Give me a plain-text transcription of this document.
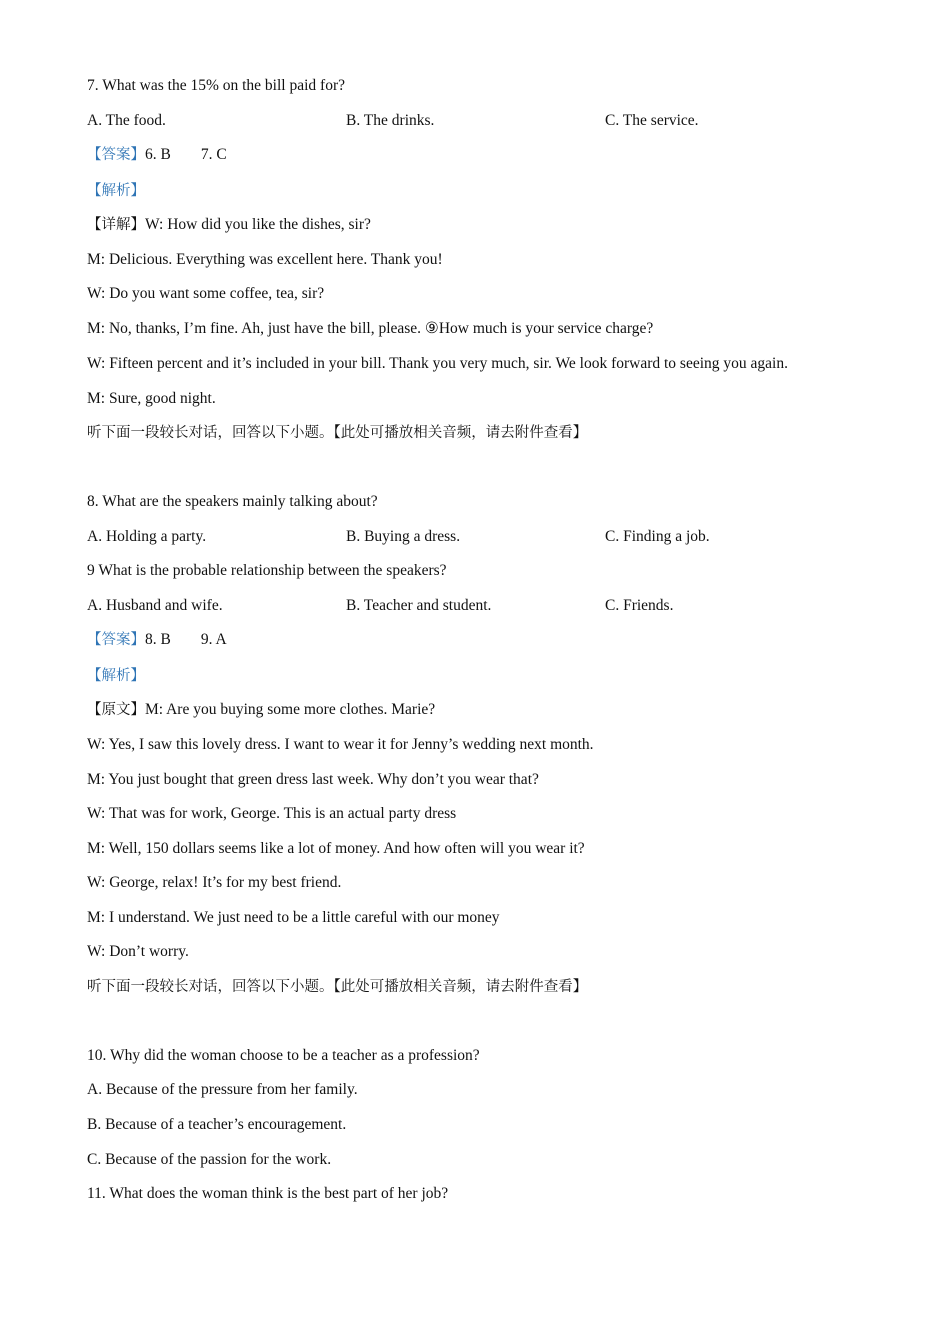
7. What was the 15% on the bill paid for?
A. The food.	B. The drinks.	C. The service.
【答案】6. B 7. C
【解析】
【详解】W: How did you like the dishes, sir?
M: Delicious. Everything was excellent here. Thank you!
W: Do you want some coffee, tea, sir?
M: No, thanks, I’m fine. Ah, just have the bill, please. ⑨How much is your service charge?
W: Fifteen percent and it’s included in your bill. Thank you very much, sir. We look forward to seeing you again.
M: Sure, good night.
听下面一段较长对话，回答以下小题。【此处可播放相关音频，请去附件查看】
8. What are the speakers mainly talking about?
A. Holding a party.	B. Buying a dress.	C. Finding a job.
9 What is the probable relationship between the speakers?
A. Husband and wife.	B. Teacher and student.	C. Friends.
【答案】8. B 9. A
【解析】
【原文】M: Are you buying some more clothes. Marie?
W: Yes, I saw this lovely dress. I want to wear it for Jenny’s wedding next month.
M: You just bought that green dress last week. Why don’t you wear that?
W: That was for work, George. This is an actual party dress
M: Well, 150 dollars seems like a lot of money. And how often will you wear it?
W: George, relax! It’s for my best friend.
M: I understand. We just need to be a little careful with our money
W: Don’t worry.
听下面一段较长对话，回答以下小题。【此处可播放相关音频，请去附件查看】
10. Why did the woman choose to be a teacher as a profession?
A. Because of the pressure from her family.
B. Because of a teacher’s encouragement.
C. Because of the passion for the work.
11. What does the woman think is the best part of her job?
